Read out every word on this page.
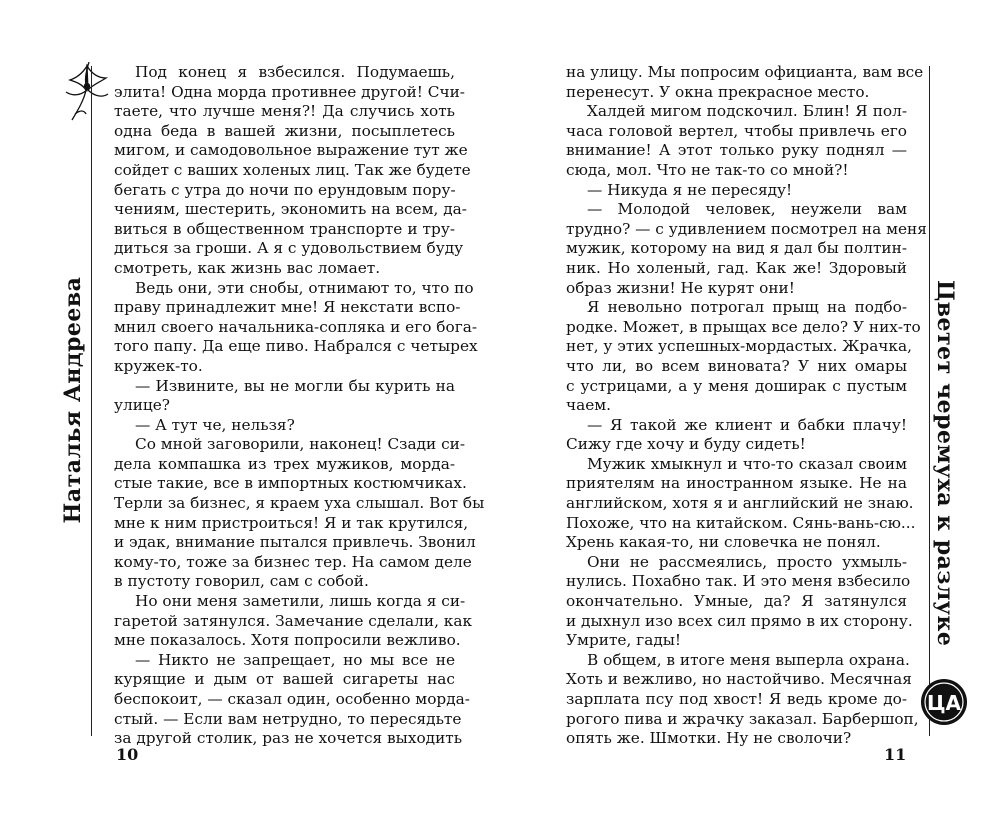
Наталья Андреева
Под конец я взбесился. Подумаешь,
элита! Одна морда противнее другой! Счи-
таете, что лучше меня?! Да случись хоть
одна беда в вашей жизни, посыплетесь
мигом, и самодовольное выражение тут же
сойдет с ваших холеных лиц. Так же будете
бегать с утра до ночи по ерундовым пору-
чениям, шестерить, экономить на всем, да-
виться в общественном транспорте и тру-
диться за гроши. А я с удовольствием буду
смотреть, как жизнь вас ломает.
Ведь они, эти снобы, отнимают то, что по
праву принадлежит мне! Я некстати вспо-
мнил своего начальника-сопляка и его бога-
того папу. Да еще пиво. Набрался с четырех
кружек-то.
— Извините, вы не могли бы курить на
улице?
— А тут че, нельзя?
Со мной заговорили, наконец! Сзади си-
дела компашка из трех мужиков, мордa-
стые такие, все в импортных костюмчиках.
Терли за бизнес, я краем уха слышал. Вот бы
мне к ним пристроиться! Я и так крутился,
и эдак, внимание пытался привлечь. Звонил
кому-то, тоже за бизнес тер. На самом деле
в пустоту говорил, сам с собой.
Но они меня заметили, лишь когда я си-
гаретой затянулся. Замечание сделали, как
мне показалось. Хотя попросили вежливо.
— Никто не запрещает, но мы все не
курящие и дым от вашей сигареты нас
беспокоит, — сказал один, особенно морда-
стый. — Если вам нетрудно, то пересядьте
за другой столик, раз не хочется выходить
10
Цветет черемуха к разлуке
на улицу. Мы попросим официанта, вам все
перенесут. У окна прекрасное место.
Халдей мигом подскочил. Блин! Я пол-
часа головой вертел, чтобы привлечь его
внимание! А этот только руку поднял —
сюда, мол. Что не так-то со мной?!
— Никуда я не пересяду!
— Молодой человек, неужели вам
трудно? — с удивлением посмотрел на меня
мужик, которому на вид я дал бы полтин-
ник. Но холеный, гад. Как же! Здоровый
образ жизни! Не курят они!
Я невольно потрогал прыщ на подбо-
родке. Может, в прыщах все дело? У них-то
нет, у этих успешных-мордастых. Жрачка,
что ли, во всем виновата? У них омары
с устрицами, а у меня доширак с пустым
чаем.
— Я такой же клиент и бабки плачу!
Сижу где хочу и буду сидеть!
Мужик хмыкнул и что-то сказал своим
приятелям на иностранном языке. Не на
английском, хотя я и английский не знаю.
Похоже, что на китайском. Сянь-вань-сю...
Хрень какая-то, ни словечка не понял.
Они не рассмеялись, просто ухмыль-
нулись. Похабно так. И это меня взбесило
окончательно. Умные, да? Я затянулся
и дыхнул изо всех сил прямо в их сторону.
Умрите, гады!
В общем, в итоге меня выперла охрана.
Хоть и вежливо, но настойчиво. Месячная
зарплата псу под хвост! Я ведь кроме до-
рогого пива и жрачку заказал. Барбершоп,
опять же. Шмотки. Ну не сволочи?
11
ЦА
